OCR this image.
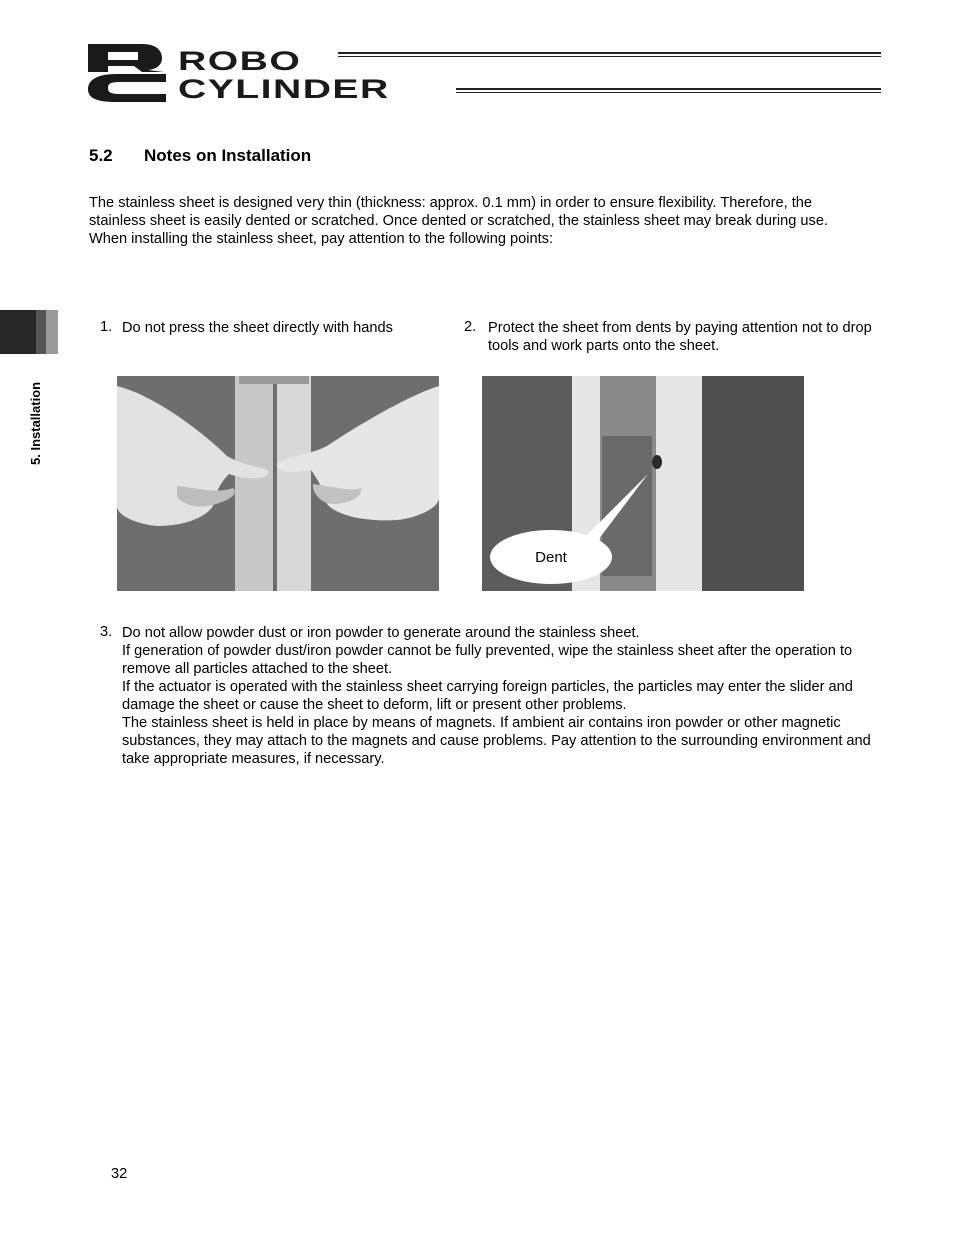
ROBO
CYLINDER
5.2 Notes on Installation
The stainless sheet is designed very thin (thickness: approx. 0.1 mm) in order to ensure flexibility. Therefore, the stainless sheet is easily dented or scratched. Once dented or scratched, the stainless sheet may break during use.
When installing the stainless sheet, pay attention to the following points:
5. Installation
1. Do not press the sheet directly with hands	2. Protect the sheet from dents by paying attention not to drop tools and work parts onto the sheet.
Dent
3. Do not allow powder dust or iron powder to generate around the stainless sheet.
If generation of powder dust/iron powder cannot be fully prevented, wipe the stainless sheet after the operation to remove all particles attached to the sheet.
If the actuator is operated with the stainless sheet carrying foreign particles, the particles may enter the slider and damage the sheet or cause the sheet to deform, lift or present other problems.
The stainless sheet is held in place by means of magnets. If ambient air contains iron powder or other magnetic substances, they may attach to the magnets and cause problems. Pay attention to the surrounding environment and take appropriate measures, if necessary.
32
